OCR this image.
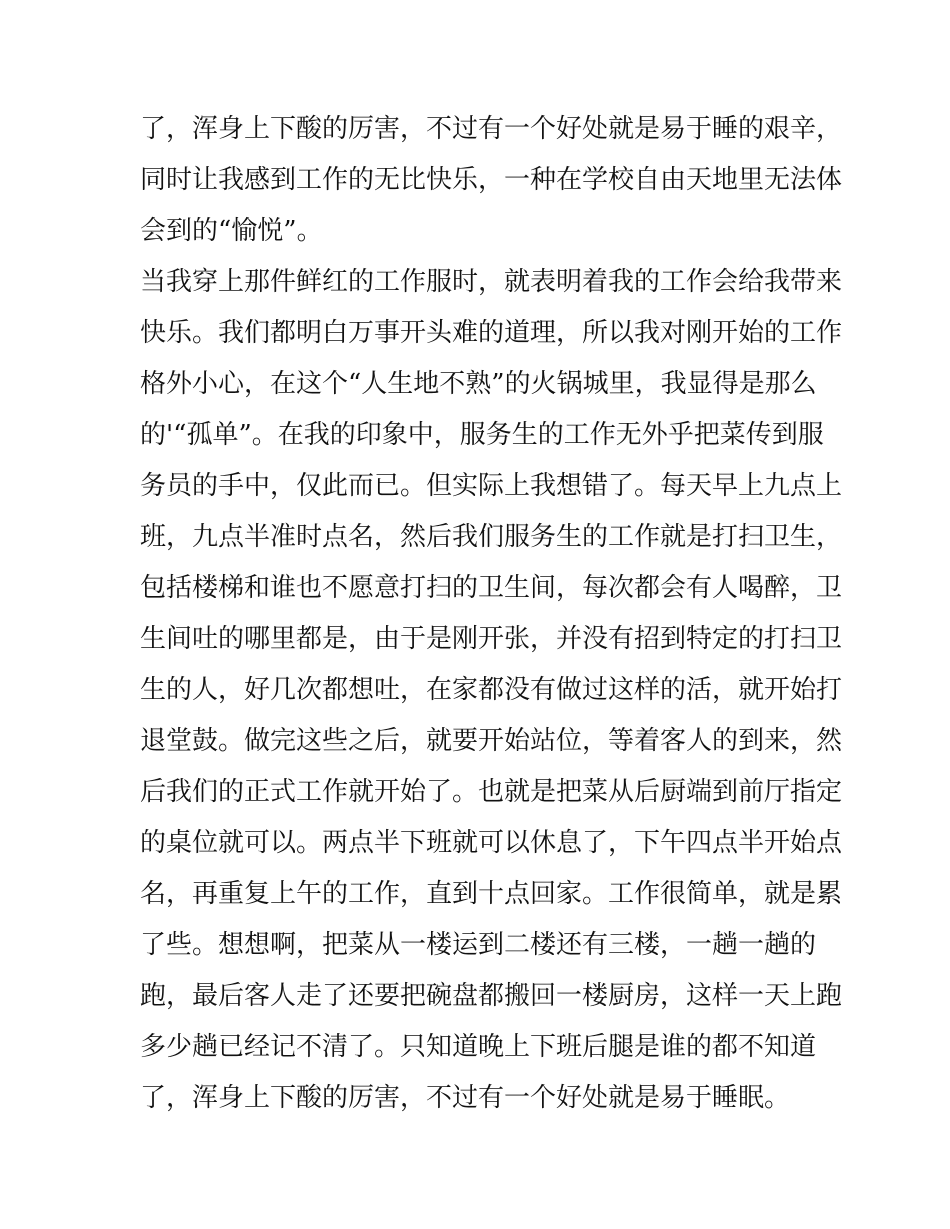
了，浑身上下酸的厉害，不过有一个好处就是易于睡的艰辛，
同时让我感到工作的无比快乐，一种在学校自由天地里无法体
会到的“愉悦”。
当我穿上那件鲜红的工作服时，就表明着我的工作会给我带来
快乐。我们都明白万事开头难的道理，所以我对刚开始的工作
格外小心，在这个“人生地不熟”的火锅城里，我显得是那么
的'“孤单”。在我的印象中，服务生的工作无外乎把菜传到服
务员的手中，仅此而已。但实际上我想错了。每天早上九点上
班，九点半准时点名，然后我们服务生的工作就是打扫卫生，
包括楼梯和谁也不愿意打扫的卫生间，每次都会有人喝醉，卫
生间吐的哪里都是，由于是刚开张，并没有招到特定的打扫卫
生的人，好几次都想吐，在家都没有做过这样的活，就开始打
退堂鼓。做完这些之后，就要开始站位，等着客人的到来，然
后我们的正式工作就开始了。也就是把菜从后厨端到前厅指定
的桌位就可以。两点半下班就可以休息了，下午四点半开始点
名，再重复上午的工作，直到十点回家。工作很简单，就是累
了些。想想啊，把菜从一楼运到二楼还有三楼，一趟一趟的
跑，最后客人走了还要把碗盘都搬回一楼厨房，这样一天上跑
多少趟已经记不清了。只知道晚上下班后腿是谁的都不知道
了，浑身上下酸的厉害，不过有一个好处就是易于睡眠。
